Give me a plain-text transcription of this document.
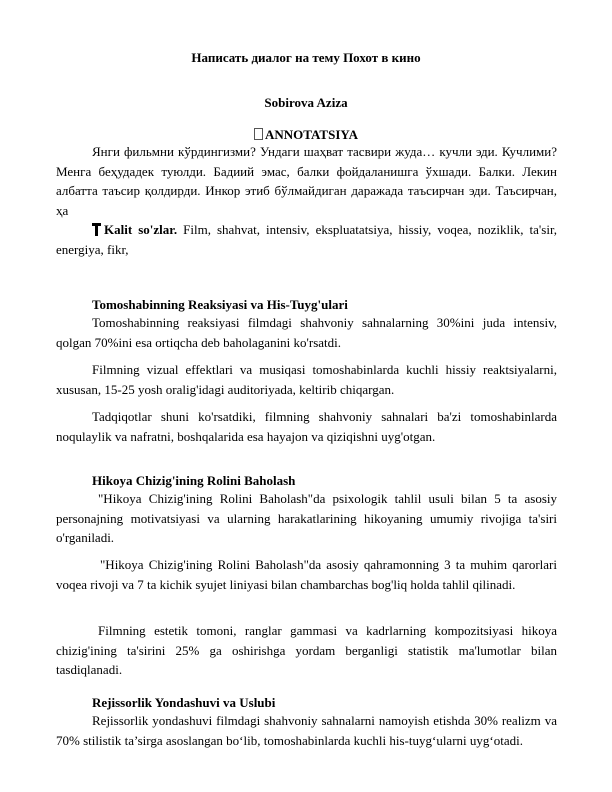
Написать диалог на тему Похот в кино
Sobirova Aziza
ANNOTATSIYA

Янги фильмни кўрдингизми? Ундаги шаҳват тасвири жуда… кучли эди. Кучлими? Менга беҳудадек туюлди. Бадиий эмас, балки фойдаланишга ўхшади. Балки. Лекин албатта таъсир қолдирди. Инкор этиб бўлмайдиган даражада таъсирчан эди. Таъсирчан, ҳа

Kalit so'zlar. Film, shahvat, intensiv, ekspluatatsiya, hissiy, voqea, noziklik, ta'sir, energiya, fikr,

Tomoshabinning Reaksiyasi va His-Tuyg'ulari

Tomoshabinning reaksiyasi filmdagi shahvoniy sahnalarning 30%ini juda intensiv, qolgan 70%ini esa ortiqcha deb baholaganini ko'rsatdi.

Filmning vizual effektlari va musiqasi tomoshabinlarda kuchli hissiy reaktsiyalarni, xususan, 15-25 yosh oralig'idagi auditoriyada, keltirib chiqargan.

Tadqiqotlar shuni ko'rsatdiki, filmning shahvoniy sahnalari ba'zi tomoshabinlarda noqulaylik va nafratni, boshqalarida esa hayajon va qiziqishni uyg'otgan.

Hikoya Chizig'ining Rolini Baholash

"Hikoya Chizig'ining Rolini Baholash"da psixologik tahlil usuli bilan 5 ta asosiy personajning motivatsiyasi va ularning harakatlarining hikoyaning umumiy rivojiga ta'siri o'rganiladi.

"Hikoya Chizig'ining Rolini Baholash"da asosiy qahramonning 3 ta muhim qarorlari voqea rivoji va 7 ta kichik syujet liniyasi bilan chambarchas bog'liq holda tahlil qilinadi.

Filmning estetik tomoni, ranglar gammasi va kadrlarning kompozitsiyasi hikoya chizig'ining ta'sirini 25% ga oshirishga yordam berganligi statistik ma'lumotlar bilan tasdiqlanadi.

Rejissorlik Yondashuvi va Uslubi

Rejissorlik yondashuvi filmdagi shahvoniy sahnalarni namoyish etishda 30% realizm va 70% stilistik ta’sirga asoslangan bo‘lib, tomoshabinlarda kuchli his-tuyg‘ularni uyg‘otadi.
